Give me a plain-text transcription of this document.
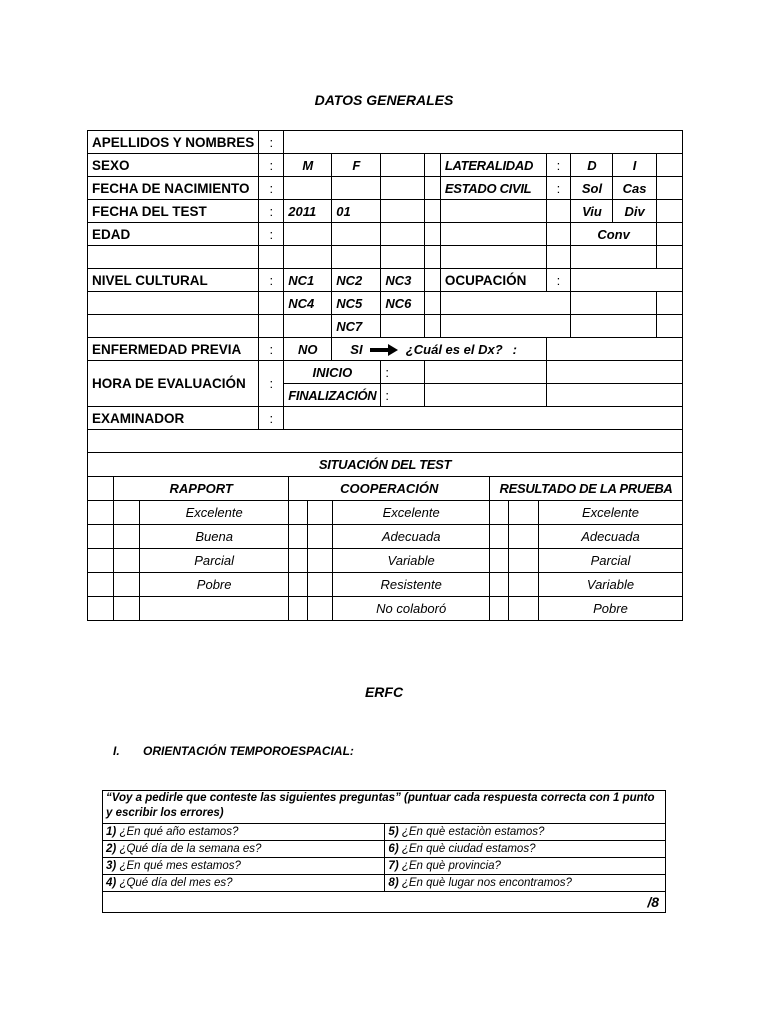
DATOS GENERALES
APELLIDOS Y NOMBRES	:									
SEXO	:	M	F			LATERALIDAD	:	D	I	
FECHA DE NACIMIENTO	:					ESTADO CIVIL	:	Sol	Cas	
FECHA DEL TEST	:	2011	01					Viu	Div	
EDAD	:							Conv		

NIVEL CULTURAL	:	NC1	NC2	NC3		OCUPACIÓN	:			
		NC4	NC5	NC6						
			NC7							
ENFERMEDAD PREVIA	:	NO	SI ¿Cuál es el Dx? :							

HORA DE EVALUACIÓN	:	INICIO		:						
		FINALIZACIÓN		:						
EXAMINADOR	:									

SITUACIÓN DEL TEST								
	RAPPORT		COOPERACIÓN			RESULTADO DE LA PRUEBA		
		Excelente			Excelente			Excelente
		Buena			Adecuada			Adecuada
		Parcial			Variable			Parcial
		Pobre			Resistente			Variable
					No colaboró			Pobre
ERFC
I. ORIENTACIÓN TEMPOROESPACIAL:
“Voy a pedirle que conteste las siguientes preguntas” (puntuar cada respuesta correcta con 1 punto y escribir los errores)	
1) ¿En qué año estamos?	5) ¿En què estaciòn estamos?
2) ¿Qué día de la semana es?	6) ¿En què ciudad estamos?
3) ¿En qué mes estamos?	7) ¿En què provincia?
4) ¿Qué día del mes es?	8) ¿En què lugar nos encontramos?
/8	
